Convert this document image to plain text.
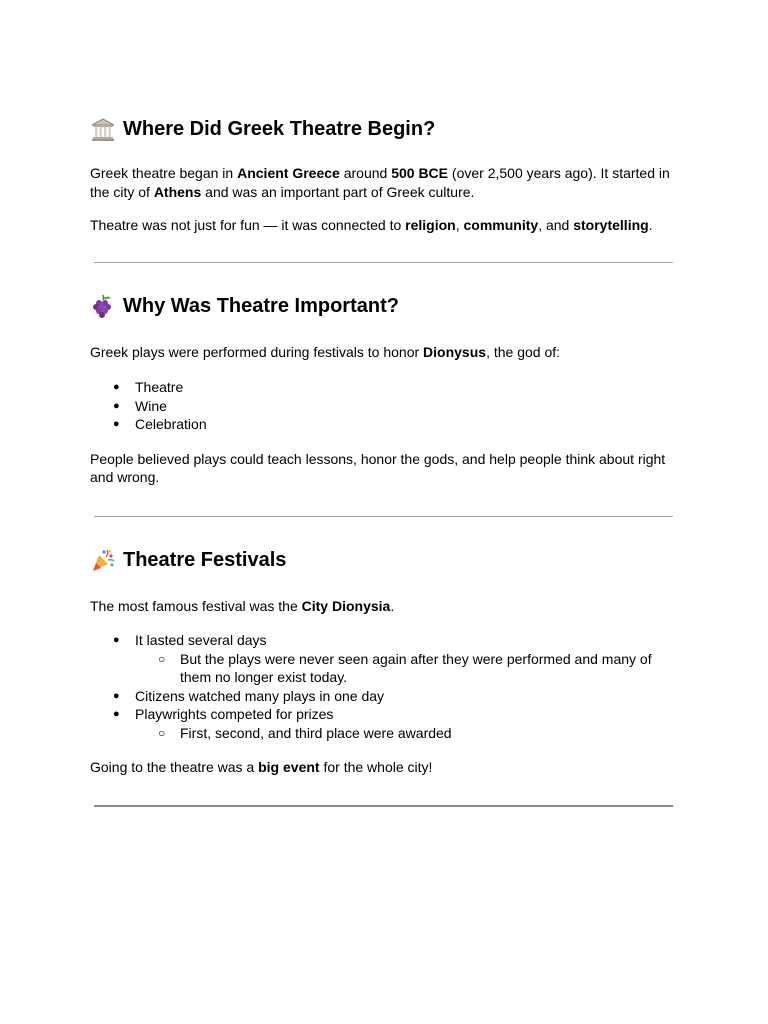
Where Did Greek Theatre Begin?

Greek theatre began in Ancient Greece around 500 BCE (over 2,500 years ago). It started in the city of Athens and was an important part of Greek culture.

Theatre was not just for fun — it was connected to religion, community, and storytelling.

Why Was Theatre Important?

Greek plays were performed during festivals to honor Dionysus, the god of:

● Theatre
● Wine
● Celebration

People believed plays could teach lessons, honor the gods, and help people think about right and wrong.

Theatre Festivals

The most famous festival was the City Dionysia.

● It lasted several days
○ But the plays were never seen again after they were performed and many of them no longer exist today.
● Citizens watched many plays in one day
● Playwrights competed for prizes
○ First, second, and third place were awarded

Going to the theatre was a big event for the whole city!
